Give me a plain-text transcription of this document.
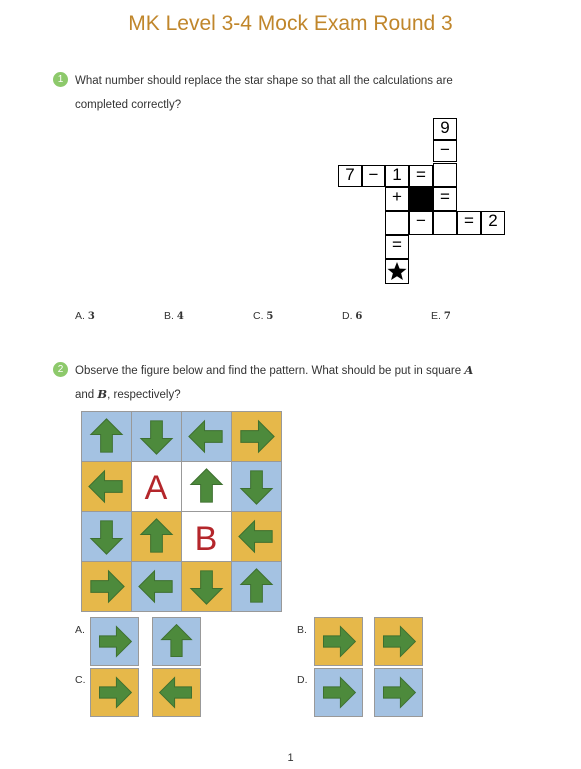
MK Level 3-4 Mock Exam Round 3
1	What number should replace the star shape so that all the calculations are
completed correctly?
9
−
7 − 1 =
+	=
−	= 2
=
A. 3	B. 4	C. 5	D. 6	E. 7
2	Observe the figure below and find the pattern. What should be put in square A
and B, respectively?
A
B
A.	B.
C.	D.
1
